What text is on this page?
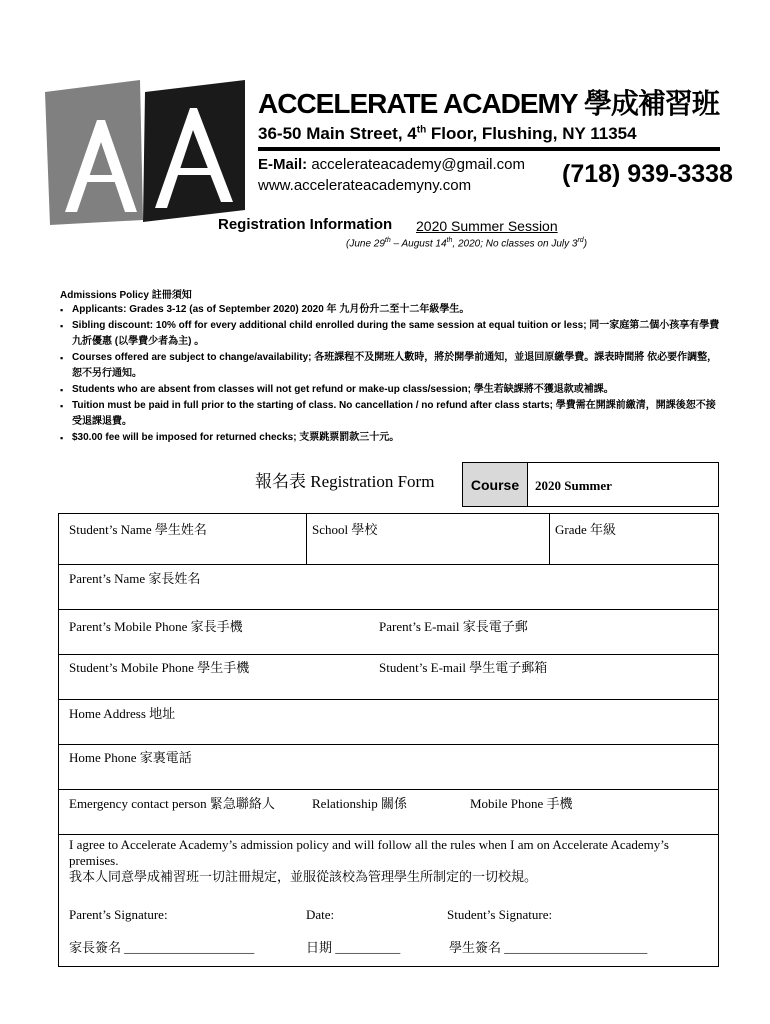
ACCELERATE ACADEMY 學成補習班
36-50 Main Street, 4th Floor, Flushing, NY 11354
E-Mail: accelerateacademy@gmail.com
www.accelerateacademyny.com	(718) 939-3338
Registration Information 2020 Summer Session
(June 29th – August 14th, 2020; No classes on July 3rd)
Admissions Policy 註冊須知
▪ Applicants: Grades 3-12 (as of September 2020) 2020 年 九月份升二至十二年級學生。
▪ Sibling discount: 10% off for every additional child enrolled during the same session at equal tuition or less; 同一家庭第二個小孩享有學費九折優惠 (以學費少者為主) 。
▪ Courses offered are subject to change/availability; 各班課程不及開班人數時，將於開學前通知，並退回原繳學費。課表時間將 依必要作調整，恕不另行通知。
▪ Students who are absent from classes will not get refund or make-up class/session; 學生若缺課將不獲退款或補課。
▪ Tuition must be paid in full prior to the starting of class. No cancellation / no refund after class starts; 學費需在開課前繳清，開課後恕不接受退課退費。
▪ $30.00 fee will be imposed for returned checks; 支票跳票罰款三十元。
報名表 Registration Form	Course	2020 Summer
Student’s Name 學生姓名	School 學校	Grade 年級
Parent’s Name 家長姓名
Parent’s Mobile Phone 家長手機	Parent’s E-mail 家長電子郵
Student’s Mobile Phone 學生手機	Student’s E-mail 學生電子郵箱
Home Address 地址
Home Phone 家裏電話
Emergency contact person 緊急聯絡人	Relationship 關係	Mobile Phone 手機
I agree to Accelerate Academy’s admission policy and will follow all the rules when I am on Accelerate Academy’s premises.
我本人同意學成補習班一切註冊規定，並服從該校為管理學生所制定的一切校規。
Parent’s Signature:	Date:	Student’s Signature:
家長簽名 ____________________	日期 __________	學生簽名 ______________________
